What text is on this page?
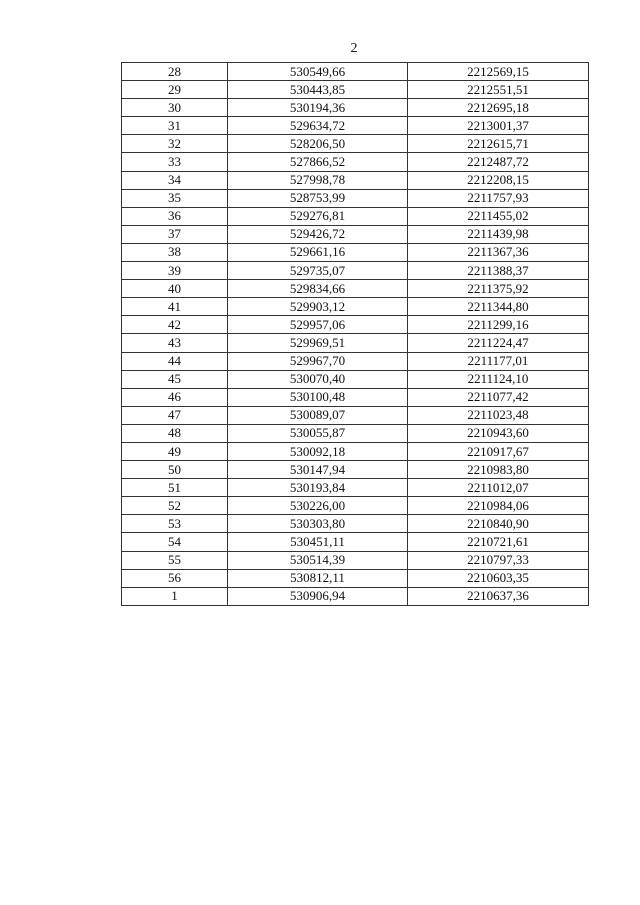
2
28	530549,66	2212569,15
29	530443,85	2212551,51
30	530194,36	2212695,18
31	529634,72	2213001,37
32	528206,50	2212615,71
33	527866,52	2212487,72
34	527998,78	2212208,15
35	528753,99	2211757,93
36	529276,81	2211455,02
37	529426,72	2211439,98
38	529661,16	2211367,36
39	529735,07	2211388,37
40	529834,66	2211375,92
41	529903,12	2211344,80
42	529957,06	2211299,16
43	529969,51	2211224,47
44	529967,70	2211177,01
45	530070,40	2211124,10
46	530100,48	2211077,42
47	530089,07	2211023,48
48	530055,87	2210943,60
49	530092,18	2210917,67
50	530147,94	2210983,80
51	530193,84	2211012,07
52	530226,00	2210984,06
53	530303,80	2210840,90
54	530451,11	2210721,61
55	530514,39	2210797,33
56	530812,11	2210603,35
1	530906,94	2210637,36
